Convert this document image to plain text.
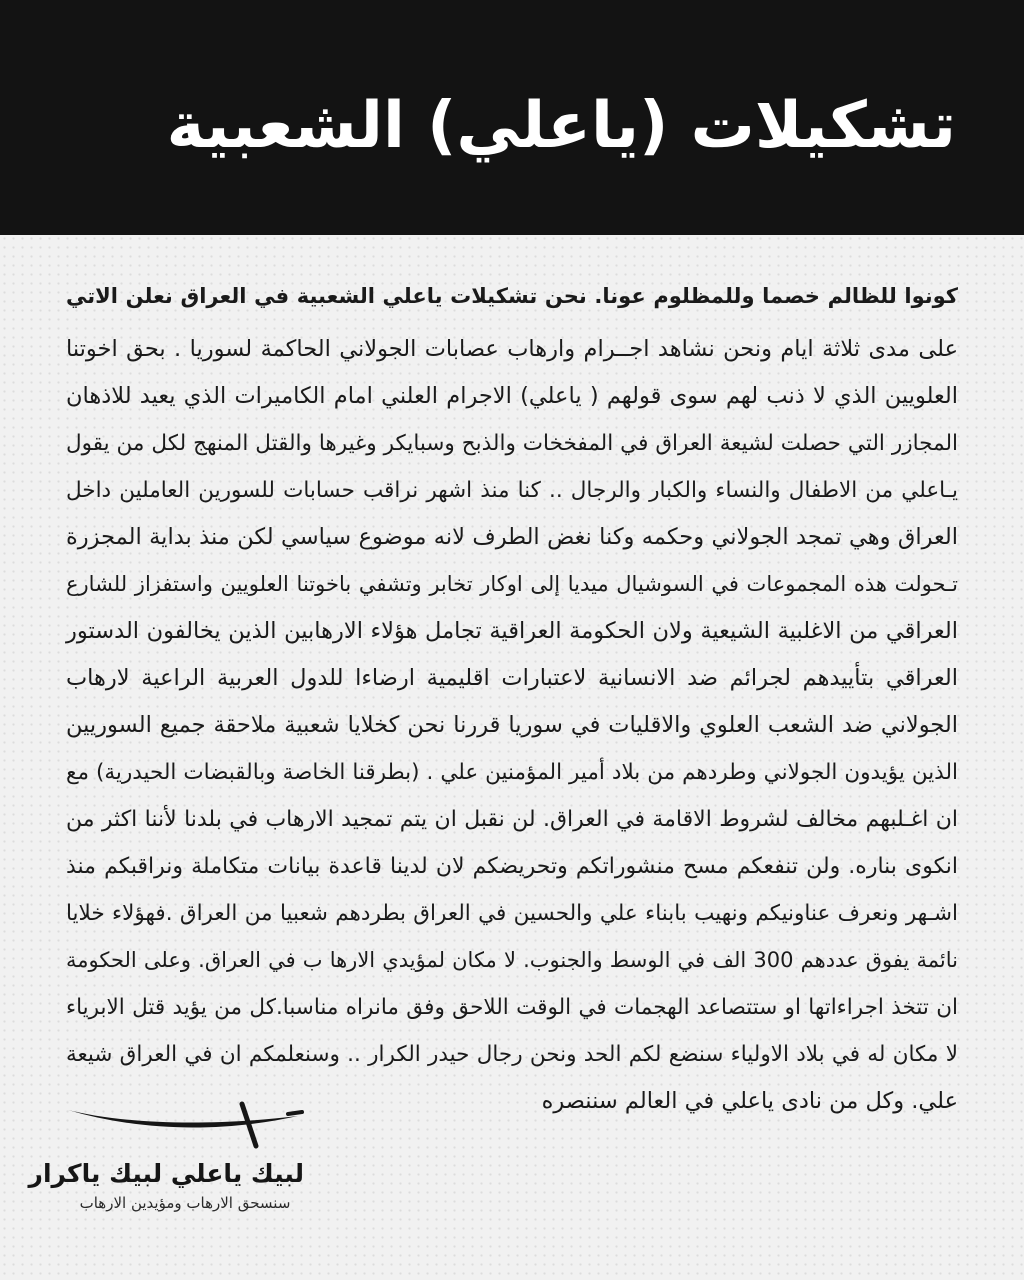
تشكيلات (ياعلي) الشعبية

كونوا للظالم خصما وللمظلوم عونا. نحن تشكيلات ياعلي الشعبية في العراق نعلن الاتي

على مدى ثلاثة ايام ونحن نشاهد اجــرام وارهاب عصابات الجولاني الحاكمة لسوريا . بحق اخوتنا
العلويين الذي لا ذنب لهم سوى قولهم ( ياعلي) الاجرام العلني امام الكاميرات الذي يعيد للاذهان
المجازر التي حصلت لشيعة العراق في المفخخات والذبح وسبايكر وغيرها والقتل المنهج لكل من يقول
يـاعلي من الاطفال والنساء والكبار والرجال .. كنا منذ اشهر نراقب حسابات للسورين العاملين داخل
العراق وهي تمجد الجولاني وحكمه وكنا نغض الطرف لانه موضوع سياسي لكن منذ بداية المجزرة
تـحولت هذه المجموعات في السوشيال ميديا إلى اوكار تخابر وتشفي باخوتنا العلويين واستفزاز للشارع
العراقي من الاغلبية الشيعية ولان الحكومة العراقية تجامل هؤلاء الارهابين الذين يخالفون الدستور
العراقي بتأييدهم لجرائم ضد الانسانية لاعتبارات اقليمية ارضاءا للدول العربية الراعية لارهاب
الجولاني ضد الشعب العلوي والاقليات في سوريا قررنا نحن كخلايا شعبية ملاحقة جميع السوريين
الذين يؤيدون الجولاني وطردهم من بلاد أمير المؤمنين علي . (بطرقنا الخاصة وبالقبضات الحيدرية) مع
ان اغـلبهم مخالف لشروط الاقامة في العراق. لن نقبل ان يتم تمجيد الارهاب في بلدنا لأننا اكثر من
انكوى بناره. ولن تنفعكم مسح منشوراتكم وتحريضكم لان لدينا قاعدة بيانات متكاملة ونراقبكم منذ
اشـهر ونعرف عناونيكم ونهيب بابناء علي والحسين في العراق بطردهم شعبيا من العراق .فهؤلاء خلايا
نائمة يفوق عددهم 300 الف في الوسط والجنوب. لا مكان لمؤيدي الارها ب في العراق. وعلى الحكومة
ان تتخذ اجراءاتها او ستتصاعد الهجمات في الوقت اللاحق وفق مانراه مناسبا.كل من يؤيد قتل الابرياء
لا مكان له في بلاد الاولياء سنضع لكم الحد ونحن رجال حيدر الكرار .. وسنعلمكم ان في العراق شيعة
علي. وكل من نادى ياعلي في العالم سننصره
لبيك ياعلي لبيك ياكرار
سنسحق الارهاب ومؤيدين الارهاب
